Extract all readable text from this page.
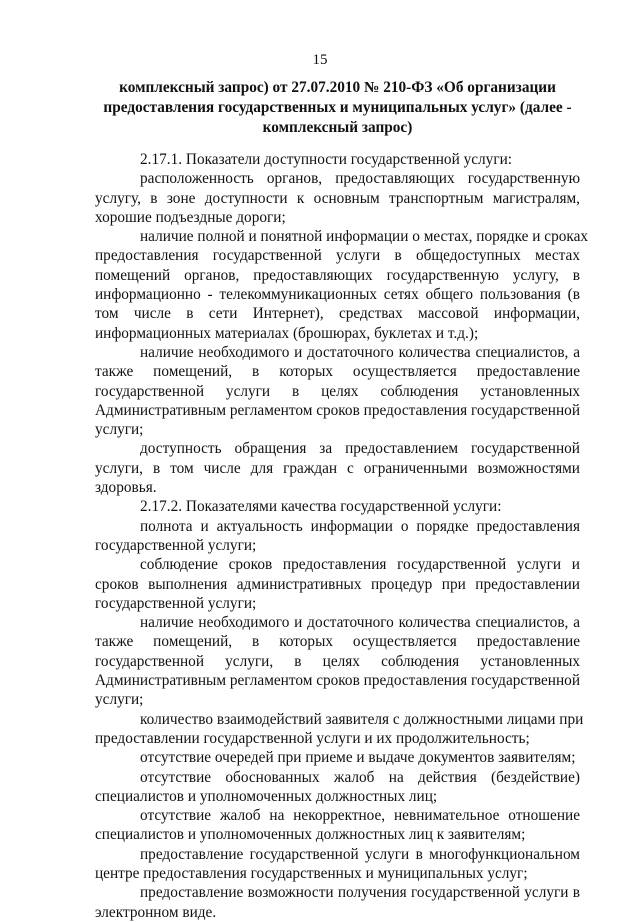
15
комплексный запрос) от 27.07.2010 № 210-ФЗ «Об организации
предоставления государственных и муниципальных услуг» (далее -
комплексный запрос)

2.17.1. Показатели доступности государственной услуги:

расположенность органов, предоставляющих государственную
услугу, в зоне доступности к основным транспортным магистралям,
хорошие подъездные дороги;

наличие полной и понятной информации о местах, порядке и сроках
предоставления государственной услуги в общедоступных местах
помещений органов, предоставляющих государственную услугу, в
информационно - телекоммуникационных сетях общего пользования (в
том числе в сети Интернет), средствах массовой информации,
информационных материалах (брошюрах, буклетах и т.д.);

наличие необходимого и достаточного количества специалистов, а
также помещений, в которых осуществляется предоставление
государственной услуги в целях соблюдения установленных
Административным регламентом сроков предоставления государственной
услуги;

доступность обращения за предоставлением государственной
услуги, в том числе для граждан с ограниченными возможностями
здоровья.

2.17.2. Показателями качества государственной услуги:

полнота и актуальность информации о порядке предоставления
государственной услуги;

соблюдение сроков предоставления государственной услуги и
сроков выполнения административных процедур при предоставлении
государственной услуги;

наличие необходимого и достаточного количества специалистов, а
также помещений, в которых осуществляется предоставление
государственной услуги, в целях соблюдения установленных
Административным регламентом сроков предоставления государственной
услуги;

количество взаимодействий заявителя с должностными лицами при
предоставлении государственной услуги и их продолжительность;

отсутствие очередей при приеме и выдаче документов заявителям;

отсутствие обоснованных жалоб на действия (бездействие)
специалистов и уполномоченных должностных лиц;

отсутствие жалоб на некорректное, невнимательное отношение
специалистов и уполномоченных должностных лиц к заявителям;

предоставление государственной услуги в многофункциональном
центре предоставления государственных и муниципальных услуг;

предоставление возможности получения государственной услуги в
электронном виде.
